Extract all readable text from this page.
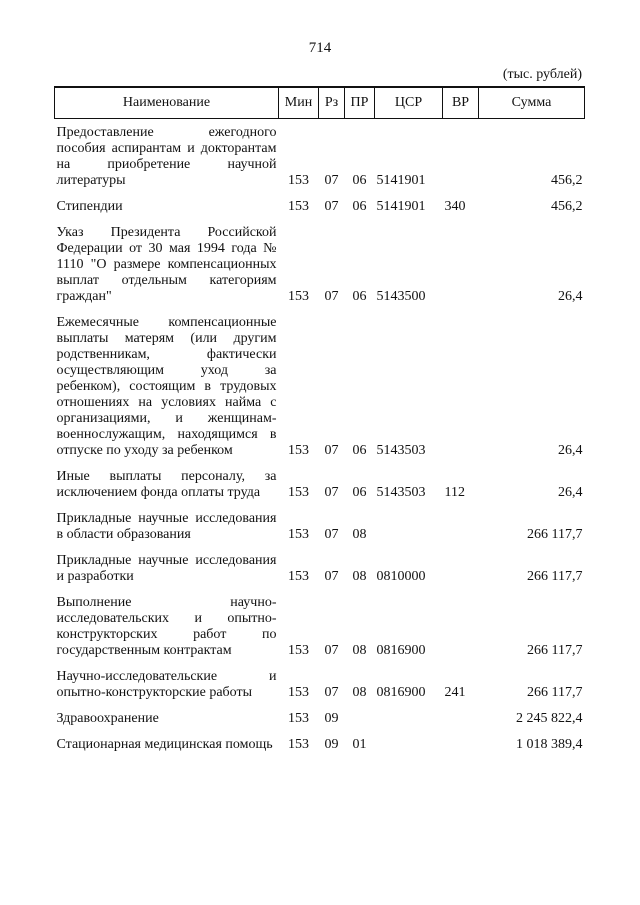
714
(тыс. рублей)
Наименование	Мин	Рз	ПР	ЦСР	ВР	Сумма
Предоставление ежегодного пособия аспирантам и докторантам на приобретение научной литературы	153	07	06	5141901		456,2
Стипендии	153	07	06	5141901	340	456,2
Указ Президента Российской Федерации от 30 мая 1994 года № 1110 "О размере компенсационных выплат отдельным категориям граждан"	153	07	06	5143500		26,4
Ежемесячные компенсационные выплаты матерям (или другим родственникам, фактически осуществляющим уход за ребенком), состоящим в трудовых отношениях на условиях найма с организациями, и женщинам-военнослужащим, находящимся в отпуске по уходу за ребенком	153	07	06	5143503		26,4
Иные выплаты персоналу, за исключением фонда оплаты труда	153	07	06	5143503	112	26,4
Прикладные научные исследования в области образования	153	07	08			266 117,7
Прикладные научные исследования и разработки	153	07	08	0810000		266 117,7
Выполнение научно-исследовательских и опытно-конструкторских работ по государственным контрактам	153	07	08	0816900		266 117,7
Научно-исследовательские и опытно-конструкторские работы	153	07	08	0816900	241	266 117,7
Здравоохранение	153	09				2 245 822,4
Стационарная медицинская помощь	153	09	01			1 018 389,4
